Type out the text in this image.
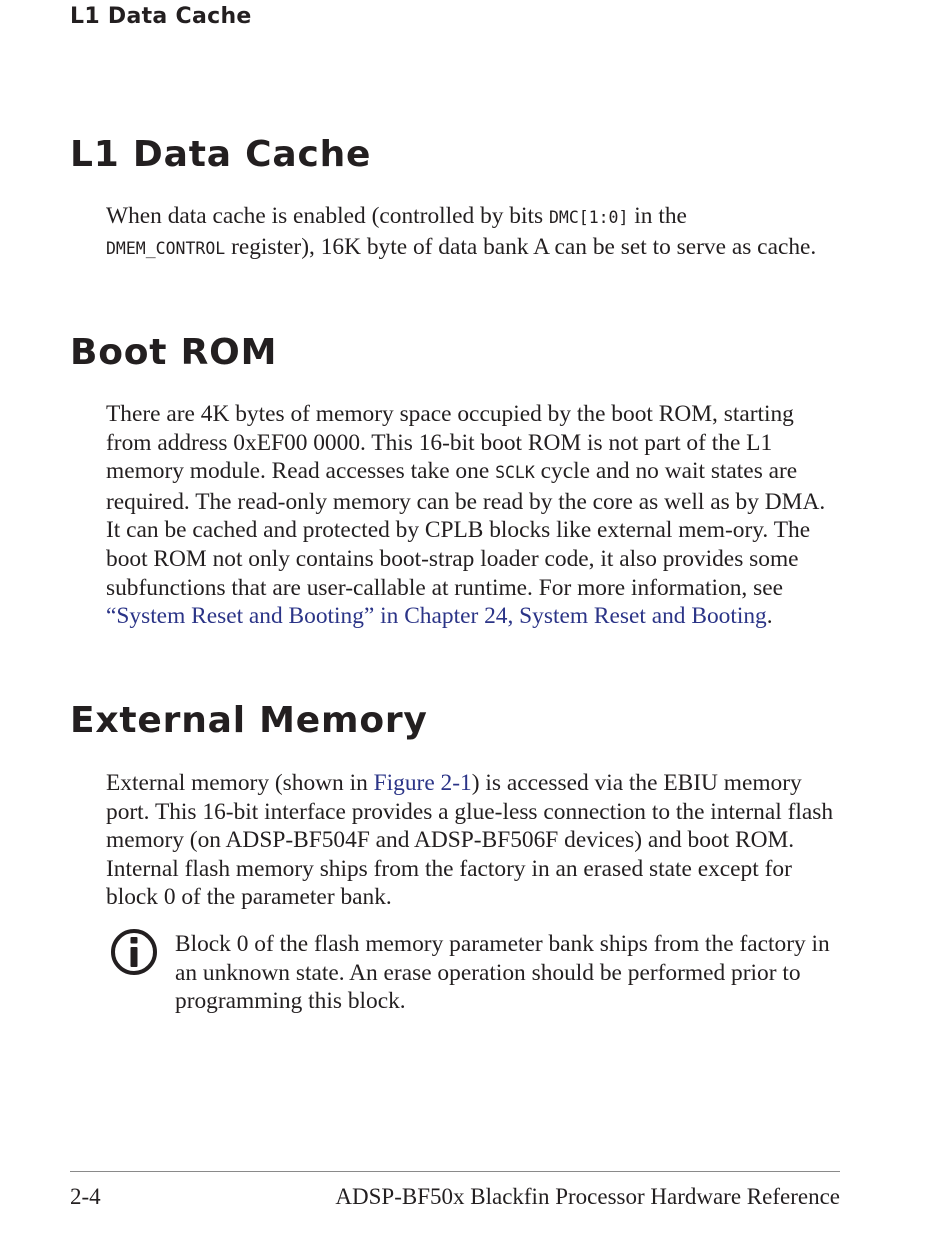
L1 Data Cache
L1 Data Cache

When data cache is enabled (controlled by bits DMC[1:0] in the
DMEM_CONTROL register), 16K byte of data bank A can be set to serve as cache.

Boot ROM

There are 4K bytes of memory space occupied by the boot ROM, starting from address 0xEF00 0000. This 16-bit boot ROM is not part of the L1 memory module. Read accesses take one SCLK cycle and no wait states are required. The read-only memory can be read by the core as well as by DMA. It can be cached and protected by CPLB blocks like external mem-ory. The boot ROM not only contains boot-strap loader code, it also provides some subfunctions that are user-callable at runtime. For more information, see “System Reset and Booting” in Chapter 24, System Reset and Booting.

External Memory

External memory (shown in Figure 2-1) is accessed via the EBIU memory port. This 16-bit interface provides a glue-less connection to the internal flash memory (on ADSP-BF504F and ADSP-BF506F devices) and boot ROM. Internal flash memory ships from the factory in an erased state except for block 0 of the parameter bank.

Block 0 of the flash memory parameter bank ships from the factory in an unknown state. An erase operation should be performed prior to programming this block.

2-4	ADSP-BF50x Blackfin Processor Hardware Reference
